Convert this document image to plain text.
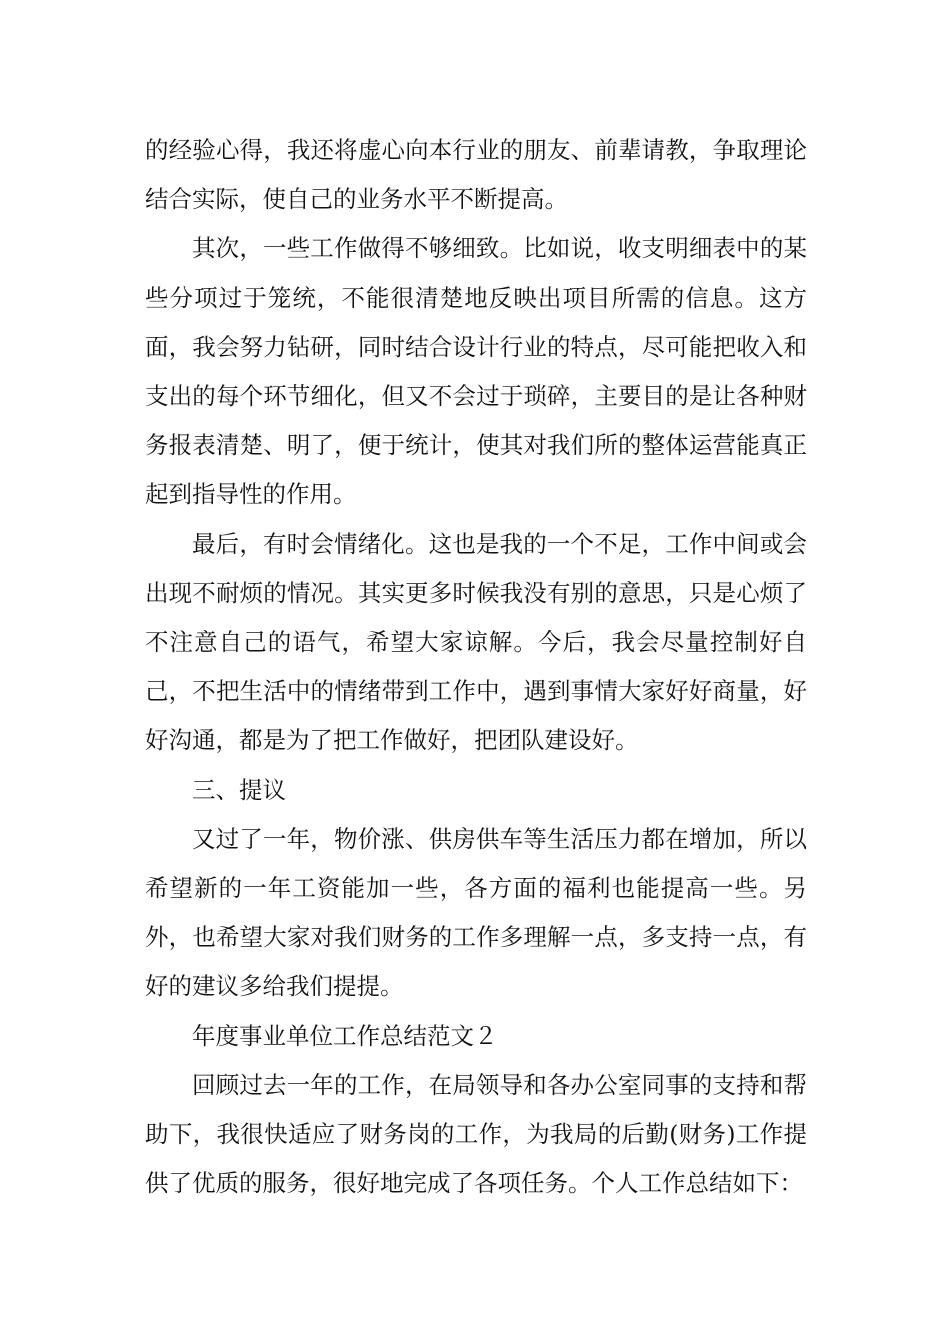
的经验心得，我还将虚心向本行业的朋友、前辈请教，争取理论结合实际，使自己的业务水平不断提高。

其次，一些工作做得不够细致。比如说，收支明细表中的某些分项过于笼统，不能很清楚地反映出项目所需的信息。这方面，我会努力钻研，同时结合设计行业的特点，尽可能把收入和支出的每个环节细化，但又不会过于琐碎，主要目的是让各种财务报表清楚、明了，便于统计，使其对我们所的整体运营能真正起到指导性的作用。

最后，有时会情绪化。这也是我的一个不足，工作中间或会出现不耐烦的情况。其实更多时候我没有别的意思，只是心烦了不注意自己的语气，希望大家谅解。今后，我会尽量控制好自己，不把生活中的情绪带到工作中，遇到事情大家好好商量，好好沟通，都是为了把工作做好，把团队建设好。

三、提议

又过了一年，物价涨、供房供车等生活压力都在增加，所以希望新的一年工资能加一些，各方面的福利也能提高一些。另外，也希望大家对我们财务的工作多理解一点，多支持一点，有好的建议多给我们提提。

年度事业单位工作总结范文２

回顾过去一年的工作，在局领导和各办公室同事的支持和帮助下，我很快适应了财务岗的工作，为我局的后勤(财务)工作提供了优质的服务，很好地完成了各项任务。个人工作总结如下：
